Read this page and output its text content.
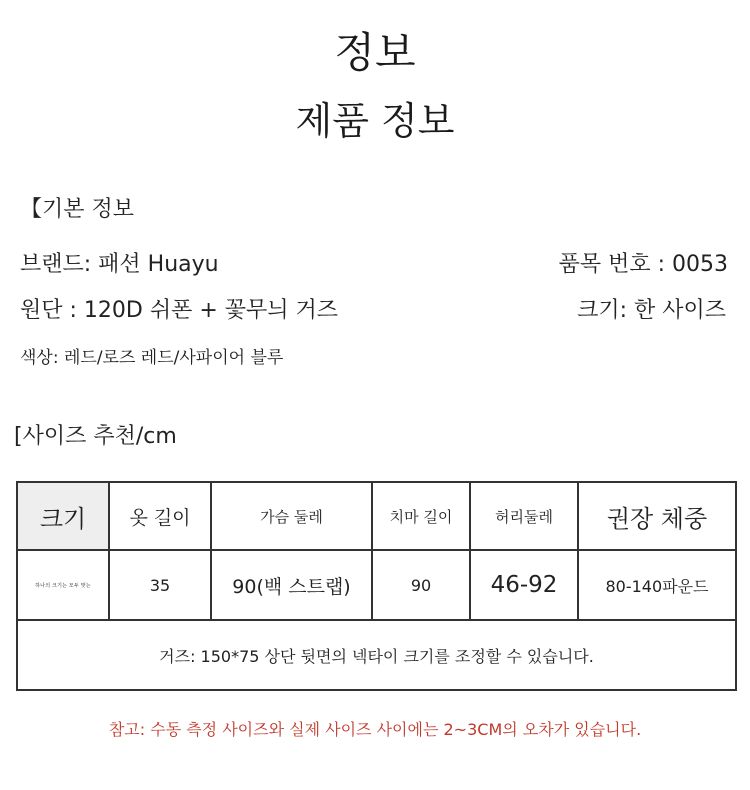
정보
제품 정보
【기본 정보
브랜드: 패션 Huayu	품목 번호 : 0053
원단 : 120D 쉬폰 + 꽃무늬 거즈	크기: 한 사이즈
색상: 레드/로즈 레드/사파이어 블루
[사이즈 추천/cm
크기	옷 길이	가슴 둘레	치마 길이	허리둘레	권장 체중
하나의 크기는 모두 맞는	35	90(백 스트랩)	90	46-92	80-140파운드
거즈: 150*75 상단 뒷면의 넥타이 크기를 조정할 수 있습니다.					
참고: 수동 측정 사이즈와 실제 사이즈 사이에는 2~3CM의 오차가 있습니다.
